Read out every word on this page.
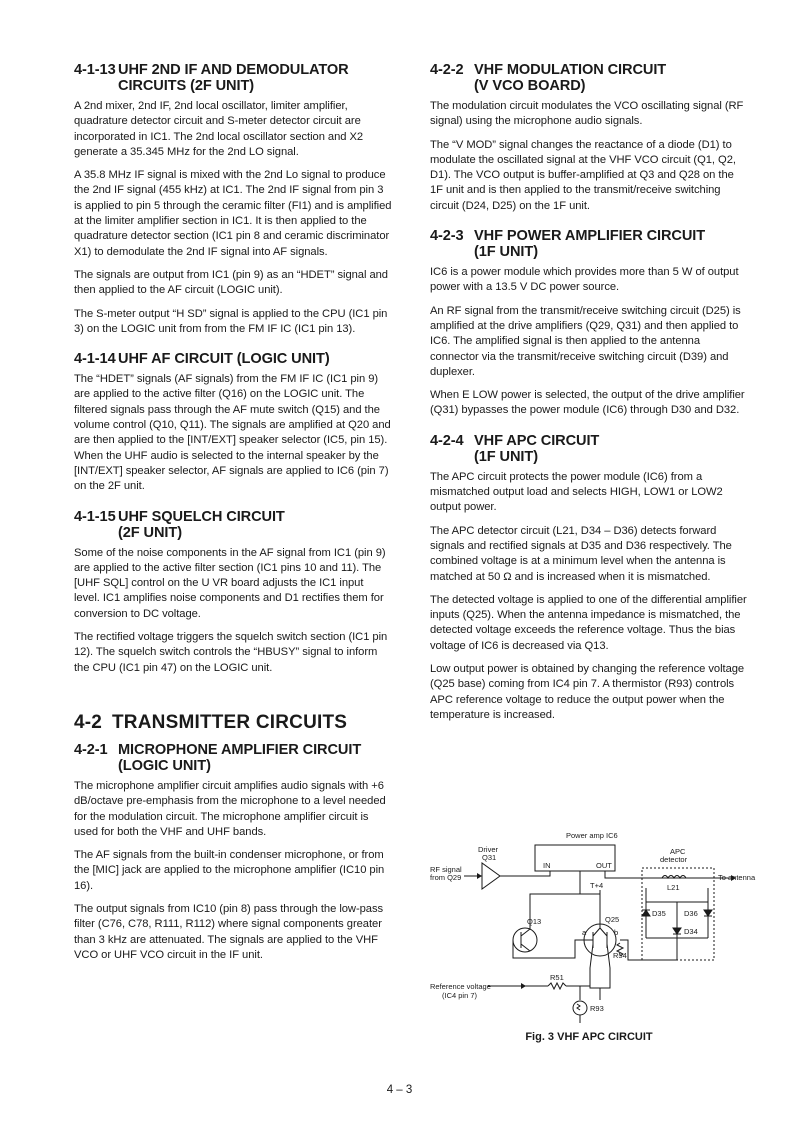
4-1-13 UHF 2ND IF AND DEMODULATOR
CIRCUITS (2F UNIT)

A 2nd mixer, 2nd IF, 2nd local oscillator, limiter amplifier, quadrature detector circuit and S-meter detector circuit are incorporated in IC1. The 2nd local oscillator section and X2 generate a 35.345 MHz for the 2nd LO signal.

A 35.8 MHz IF signal is mixed with the 2nd Lo signal to produce the 2nd IF signal (455 kHz) at IC1. The 2nd IF signal from pin 3 is applied to pin 5 through the ceramic filter (FI1) and is amplified at the limiter amplifier section in IC1. It is then applied to the quadrature detector section (IC1 pin 8 and ceramic discriminator X1) to demodulate the 2nd IF signal into AF signals.

The signals are output from IC1 (pin 9) as an “HDET” signal and then applied to the AF circuit (LOGIC unit).

The S-meter output “H SD” signal is applied to the CPU (IC1 pin 3) on the LOGIC unit from from the FM IF IC (IC1 pin 13).

4-1-14 UHF AF CIRCUIT (LOGIC UNIT)

The “HDET” signals (AF signals) from the FM IF IC (IC1 pin 9) are applied to the active filter (Q16) on the LOGIC unit. The filtered signals pass through the AF mute switch (Q15) and the volume control (Q10, Q11). The signals are amplified at Q20 and are then applied to the [INT/EXT] speaker selector (IC5, pin 15). When the UHF audio is selected to the internal speaker by the [INT/EXT] speaker selector, AF signals are applied to IC6 (pin 7) on the 2F unit.

4-1-15 UHF SQUELCH CIRCUIT
(2F UNIT)

Some of the noise components in the AF signal from IC1 (pin 9) are applied to the active filter section (IC1 pins 10 and 11). The [UHF SQL] control on the U VR board adjusts the IC1 input level. IC1 amplifies noise components and D1 rectifies them for conversion to DC voltage.

The rectified voltage triggers the squelch switch section (IC1 pin 12). The squelch switch controls the “HBUSY” signal to inform the CPU (IC1 pin 47) on the LOGIC unit.

4-2 TRANSMITTER CIRCUITS
4-2-1 MICROPHONE AMPLIFIER CIRCUIT
(LOGIC UNIT)

The microphone amplifier circuit amplifies audio signals with +6 dB/octave pre-emphasis from the microphone to a level needed for the modulation circuit. The microphone amplifier circuit is used for both the VHF and UHF bands.

The AF signals from the built-in condenser microphone, or from the [MIC] jack are applied to the microphone amplifier (IC10 pin 16).

The output signals from IC10 (pin 8) pass through the low-pass filter (C76, C78, R111, R112) where signal components greater than 3 kHz are attenuated. The signals are applied to the VHF VCO or UHF VCO circuit in the IF unit.

4-2-2 VHF MODULATION CIRCUIT
(V VCO BOARD)

The modulation circuit modulates the VCO oscillating signal (RF signal) using the microphone audio signals.

The “V MOD” signal changes the reactance of a diode (D1) to modulate the oscillated signal at the VHF VCO circuit (Q1, Q2, D1). The VCO output is buffer-amplified at Q3 and Q28 on the 1F unit and is then applied to the transmit/receive switching circuit (D24, D25) on the 1F unit.

4-2-3 VHF POWER AMPLIFIER CIRCUIT
(1F UNIT)

IC6 is a power module which provides more than 5 W of output power with a 13.5 V DC power source.

An RF signal from the transmit/receive switching circuit (D25) is amplified at the drive amplifiers (Q29, Q31) and then applied to IC6. The amplified signal is then applied to the antenna connector via the transmit/receive switching circuit (D39) and duplexer.

When E LOW power is selected, the output of the drive amplifier (Q31) bypasses the power module (IC6) through D30 and D32.

4-2-4 VHF APC CIRCUIT
(1F UNIT)

The APC circuit protects the power module (IC6) from a mismatched output load and selects HIGH, LOW1 or LOW2 output power.

The APC detector circuit (L21, D34 – D36) detects forward signals and rectified signals at D35 and D36 respectively. The combined voltage is at a minimum level when the antenna is matched at 50 Ω and is increased when it is mismatched.

The detected voltage is applied to one of the differential amplifier inputs (Q25). When the antenna impedance is mismatched, the detected voltage exceeds the reference voltage. Thus the bias voltage of IC6 is decreased via Q13.

Low output power is obtained by changing the reference voltage (Q25 base) coming from IC4 pin 7. A thermistor (R93) controls APC reference voltage to reduce the output power when the temperature is increased.

Power amp IC6
Driver
Q31
IN	OUT
APC
detector
RF signal
from Q29	To antenna
L21
T+4
Q13	Q25
a	b
D35 D36
D34
R54
R51
Reference voltage
(IC4 pin 7)
R93
Fig. 3 VHF APC CIRCUIT
4 – 3
